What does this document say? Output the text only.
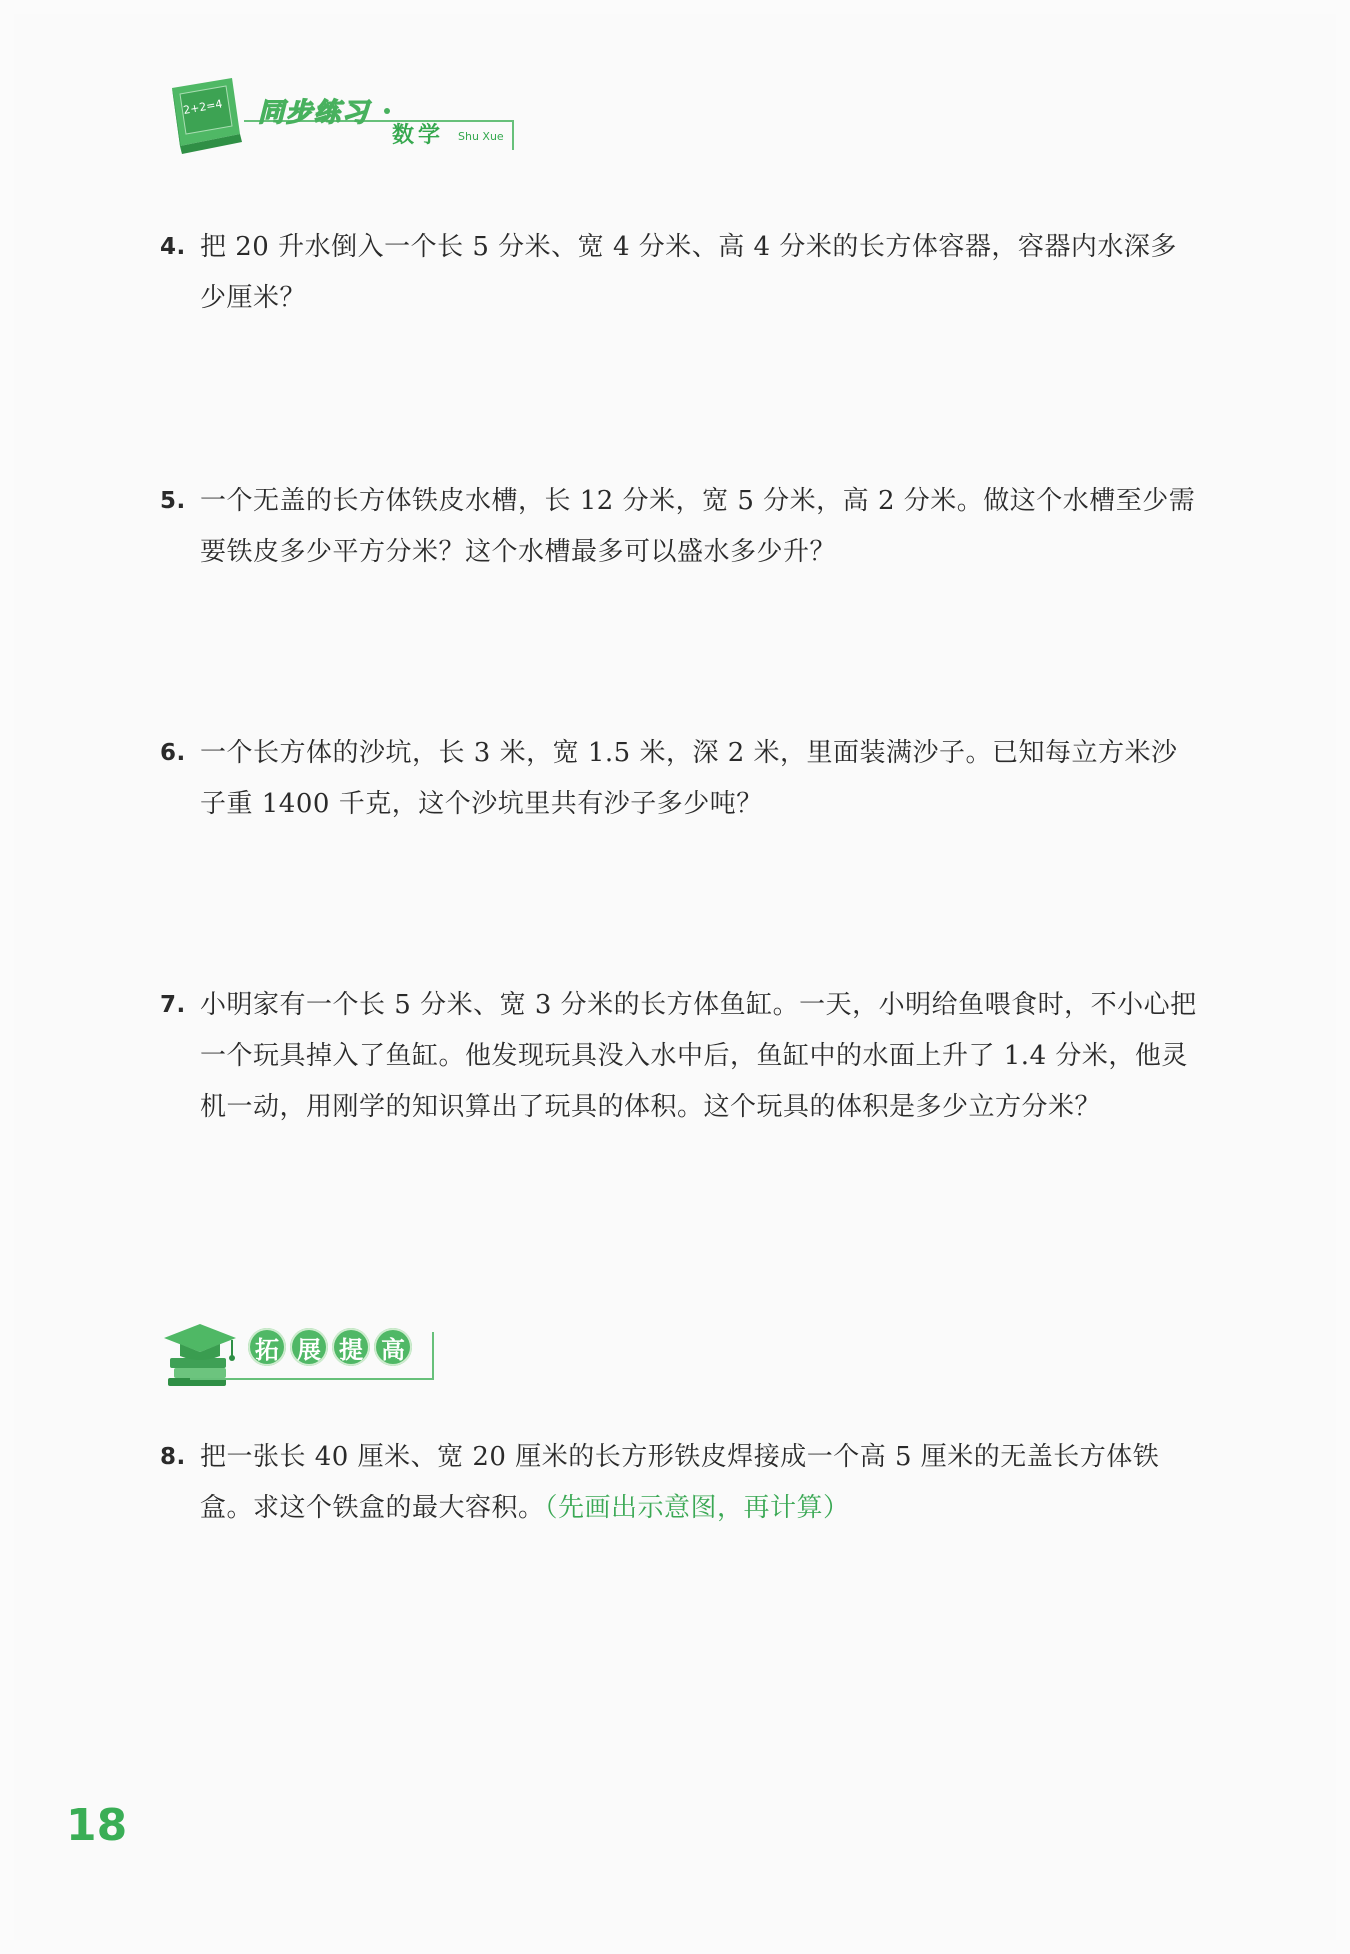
2+2=4 同步练习
数学 Shu Xue
4. 把 20 升水倒入一个长 5 分米、宽 4 分米、高 4 分米的长方体容器，容器内水深多少厘米？
5. 一个无盖的长方体铁皮水槽，长 12 分米，宽 5 分米，高 2 分米。做这个水槽至少需要铁皮多少平方分米？这个水槽最多可以盛水多少升？
6. 一个长方体的沙坑，长 3 米，宽 1.5 米，深 2 米，里面装满沙子。已知每立方米沙子重 1400 千克，这个沙坑里共有沙子多少吨？
7. 小明家有一个长 5 分米、宽 3 分米的长方体鱼缸。一天，小明给鱼喂食时，不小心把一个玩具掉入了鱼缸。他发现玩具没入水中后，鱼缸中的水面上升了 1.4 分米，他灵机一动，用刚学的知识算出了玩具的体积。这个玩具的体积是多少立方分米？
拓 展 提 高
8. 把一张长 40 厘米、宽 20 厘米的长方形铁皮焊接成一个高 5 厘米的无盖长方体铁盒。求这个铁盒的最大容积。（先画出示意图，再计算）
18
